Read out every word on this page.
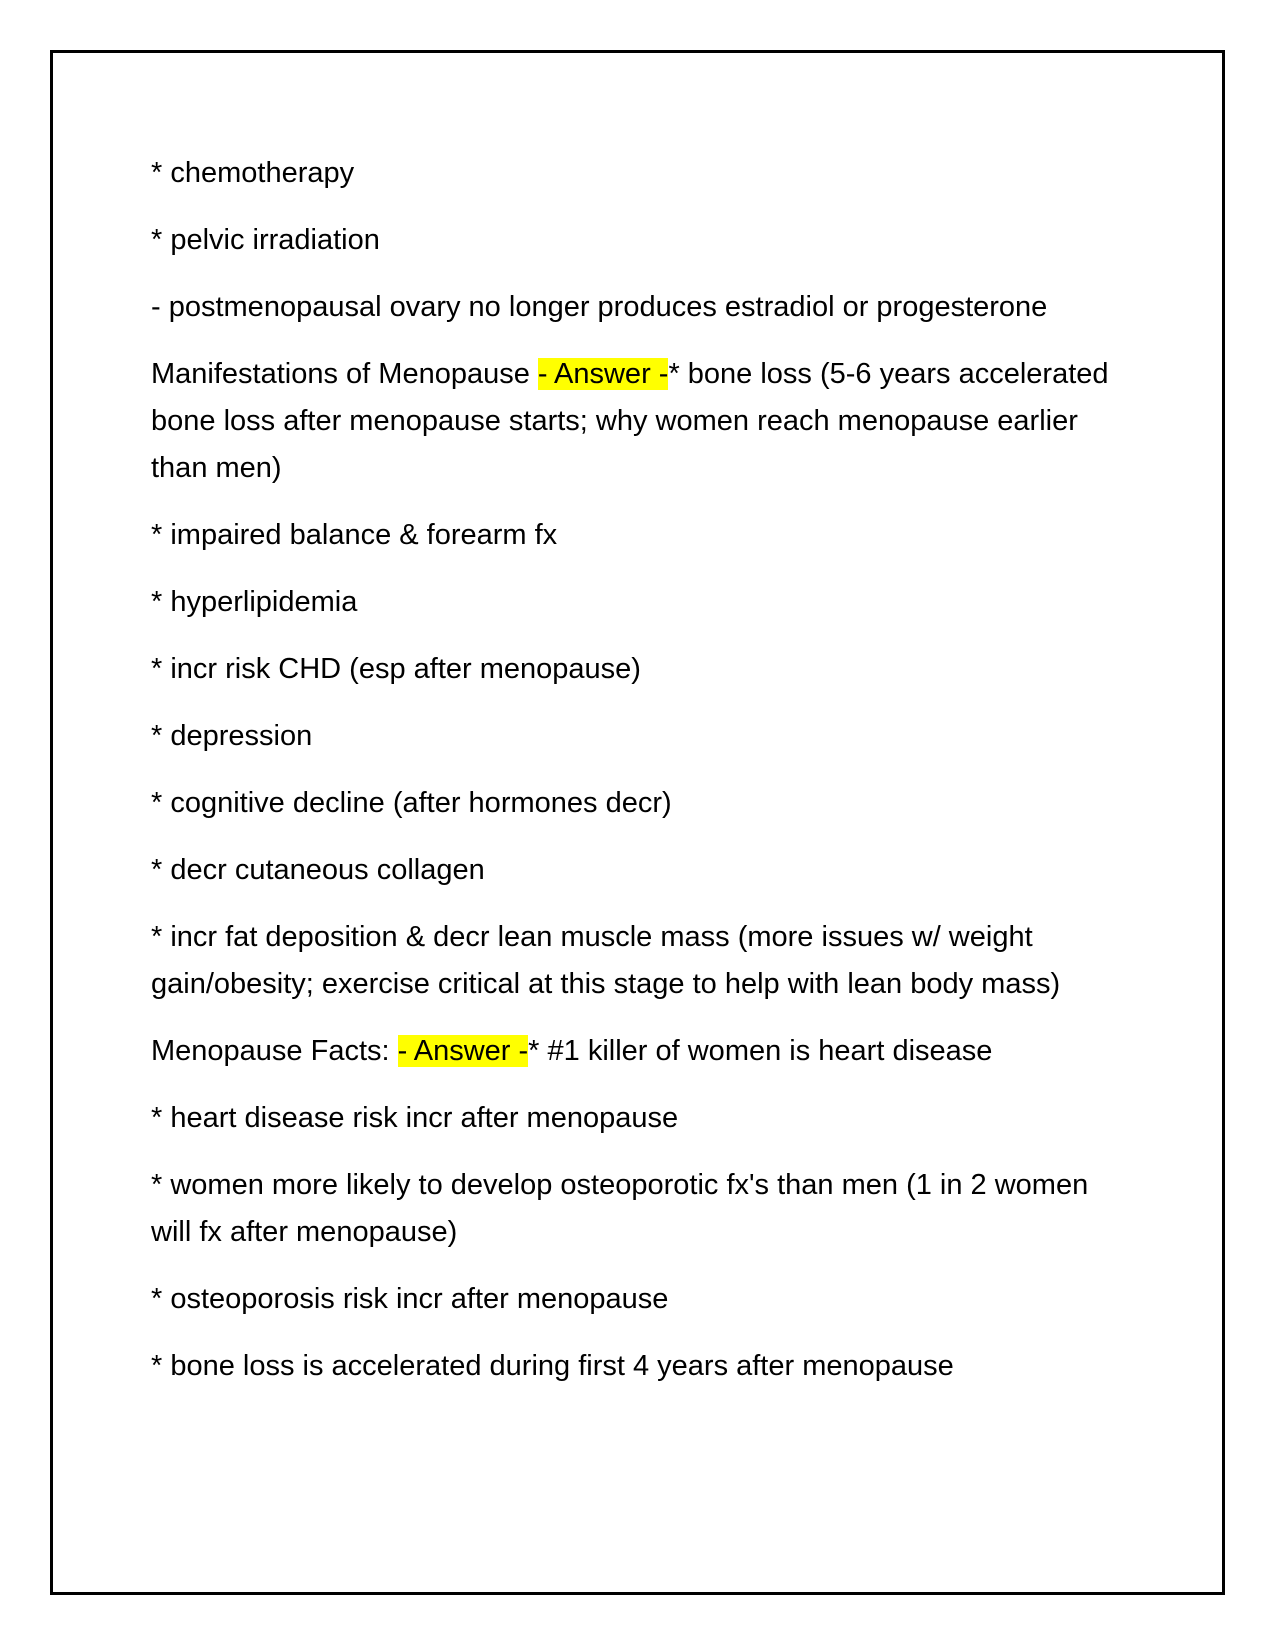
* chemotherapy

* pelvic irradiation

- postmenopausal ovary no longer produces estradiol or progesterone

Manifestations of Menopause - Answer -* bone loss (5-6 years accelerated bone loss after menopause starts; why women reach menopause earlier than men)

* impaired balance & forearm fx

* hyperlipidemia

* incr risk CHD (esp after menopause)

* depression

* cognitive decline (after hormones decr)

* decr cutaneous collagen

* incr fat deposition & decr lean muscle mass (more issues w/ weight gain/obesity; exercise critical at this stage to help with lean body mass)

Menopause Facts: - Answer -* #1 killer of women is heart disease

* heart disease risk incr after menopause

* women more likely to develop osteoporotic fx's than men (1 in 2 women will fx after menopause)

* osteoporosis risk incr after menopause

* bone loss is accelerated during first 4 years after menopause
